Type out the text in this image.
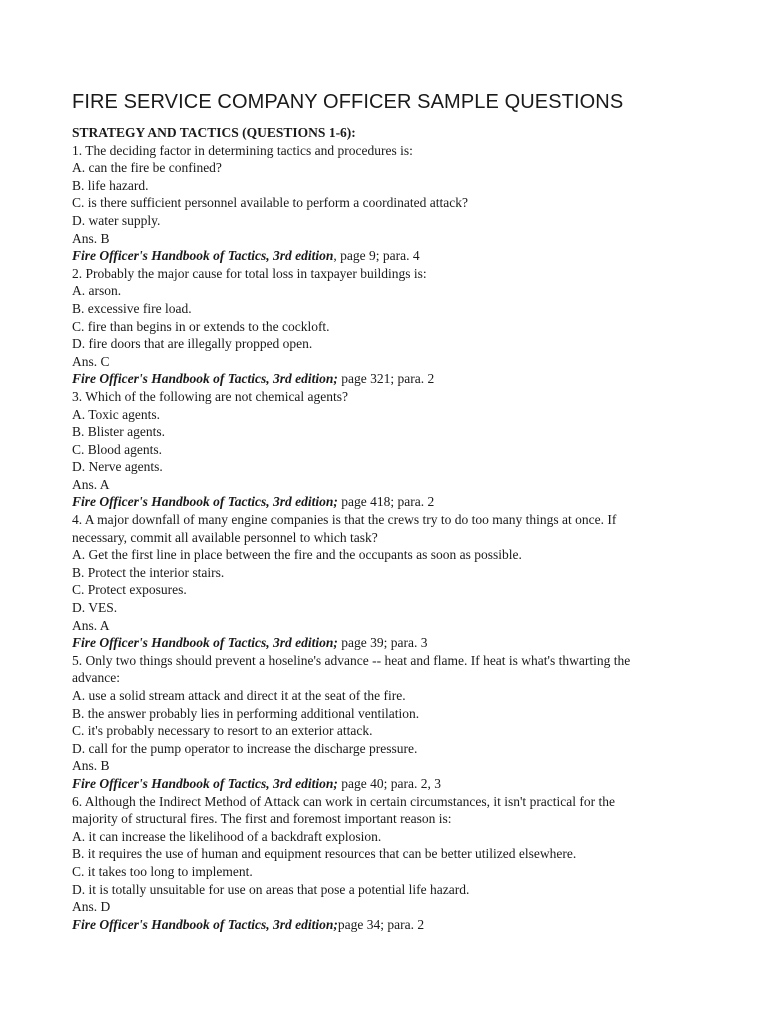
FIRE SERVICE COMPANY OFFICER SAMPLE QUESTIONS

STRATEGY AND TACTICS (QUESTIONS 1-6):

1. The deciding factor in determining tactics and procedures is:

A. can the fire be confined?
B. life hazard.
C. is there sufficient personnel available to perform a coordinated attack?
D. water supply.

Ans. B

Fire Officer's Handbook of Tactics, 3rd edition, page 9; para. 4

2. Probably the major cause for total loss in taxpayer buildings is:

A. arson.
B. excessive fire load.
C. fire than begins in or extends to the cockloft.
D. fire doors that are illegally propped open.

Ans. C

Fire Officer's Handbook of Tactics, 3rd edition; page 321; para. 2

3. Which of the following are not chemical agents?

A. Toxic agents.
B. Blister agents.
C. Blood agents.
D. Nerve agents.

Ans. A

Fire Officer's Handbook of Tactics, 3rd edition; page 418; para. 2

4. A major downfall of many engine companies is that the crews try to do too many things at once. If

necessary, commit all available personnel to which task?

A. Get the first line in place between the fire and the occupants as soon as possible.
B. Protect the interior stairs.
C. Protect exposures.
D. VES.

Ans. A

Fire Officer's Handbook of Tactics, 3rd edition; page 39; para. 3

5. Only two things should prevent a hoseline's advance -- heat and flame. If heat is what's thwarting the

advance:

A. use a solid stream attack and direct it at the seat of the fire.
B. the answer probably lies in performing additional ventilation.
C. it's probably necessary to resort to an exterior attack.
D. call for the pump operator to increase the discharge pressure.

Ans. B

Fire Officer's Handbook of Tactics, 3rd edition; page 40; para. 2, 3

6. Although the Indirect Method of Attack can work in certain circumstances, it isn't practical for the

majority of structural fires. The first and foremost important reason is:

A. it can increase the likelihood of a backdraft explosion.
B. it requires the use of human and equipment resources that can be better utilized elsewhere.
C. it takes too long to implement.
D. it is totally unsuitable for use on areas that pose a potential life hazard.

Ans. D

Fire Officer's Handbook of Tactics, 3rd edition;page 34; para. 2
